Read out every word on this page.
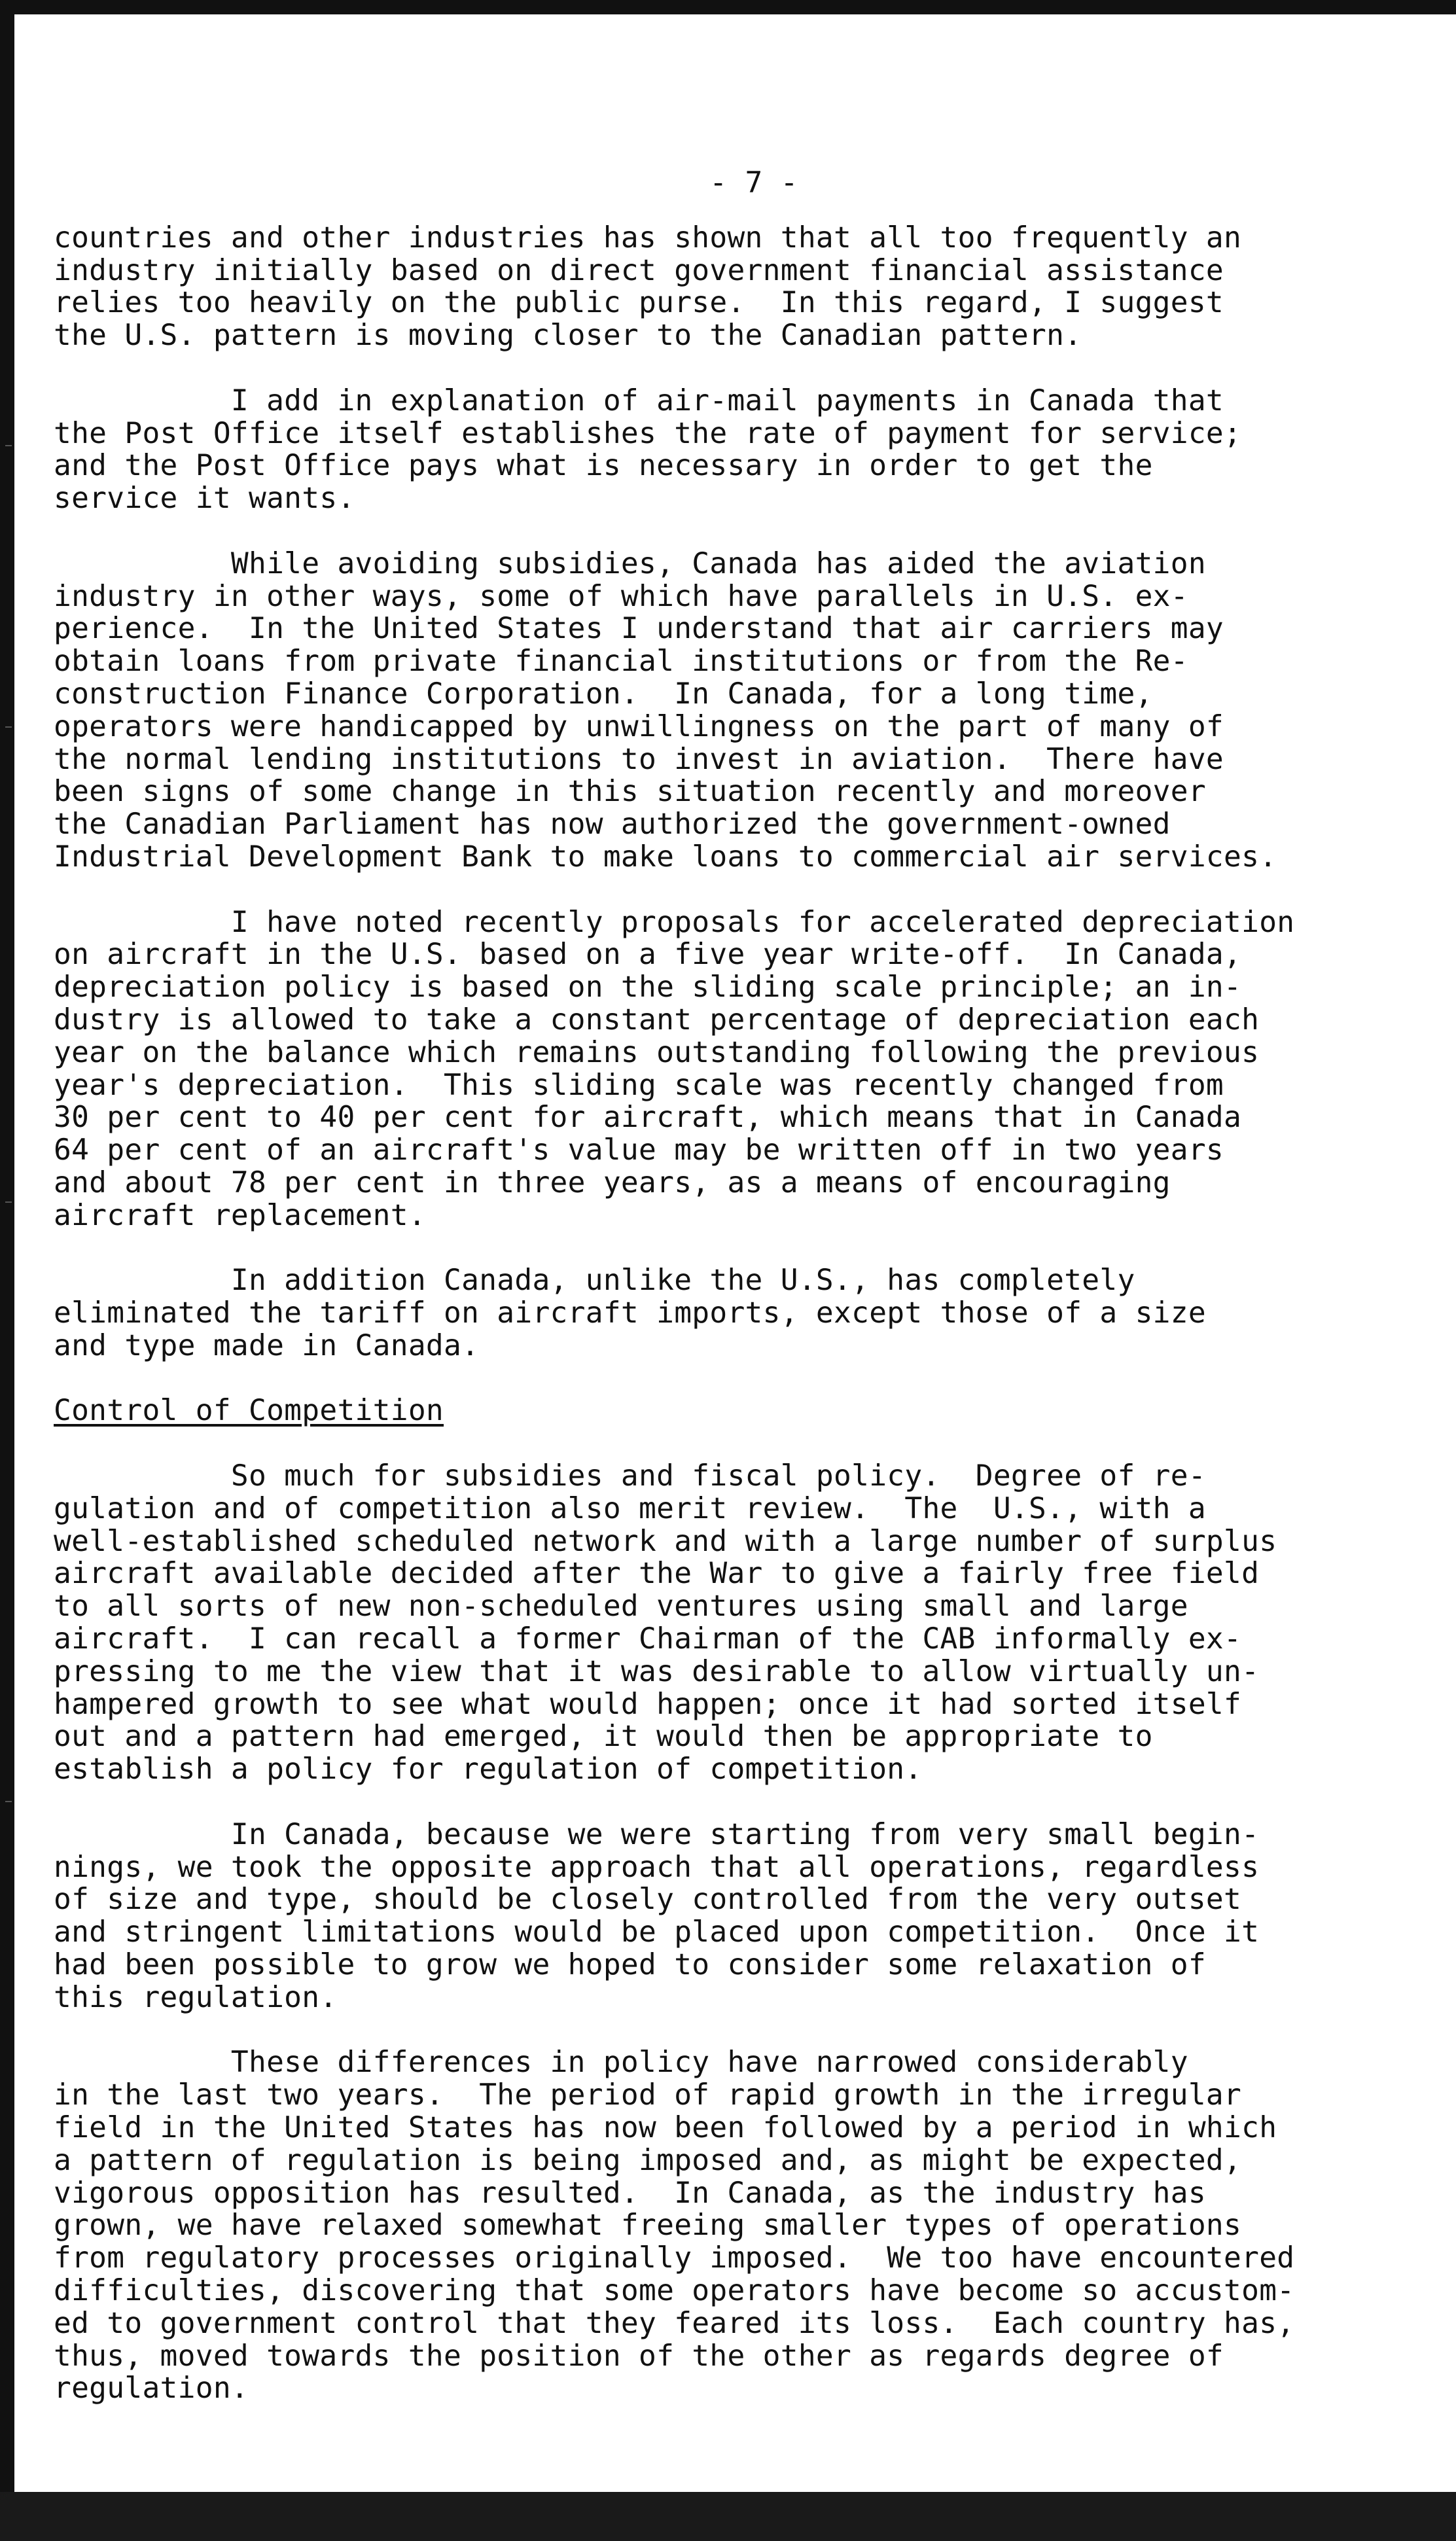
- 7 -
countries and other industries has shown that all too frequently an
industry initially based on direct government financial assistance
relies too heavily on the public purse.  In this regard, I suggest
the U.S. pattern is moving closer to the Canadian pattern.
I add in explanation of air-mail payments in Canada that
the Post Office itself establishes the rate of payment for service;
and the Post Office pays what is necessary in order to get the
service it wants.
While avoiding subsidies, Canada has aided the aviation
industry in other ways, some of which have parallels in U.S. ex-
perience.  In the United States I understand that air carriers may
obtain loans from private financial institutions or from the Re-
construction Finance Corporation.  In Canada, for a long time,
operators were handicapped by unwillingness on the part of many of
the normal lending institutions to invest in aviation.  There have
been signs of some change in this situation recently and moreover
the Canadian Parliament has now authorized the government-owned
Industrial Development Bank to make loans to commercial air services.
I have noted recently proposals for accelerated depreciation
on aircraft in the U.S. based on a five year write-off.  In Canada,
depreciation policy is based on the sliding scale principle; an in-
dustry is allowed to take a constant percentage of depreciation each
year on the balance which remains outstanding following the previous
year's depreciation.  This sliding scale was recently changed from
30 per cent to 40 per cent for aircraft, which means that in Canada
64 per cent of an aircraft's value may be written off in two years
and about 78 per cent in three years, as a means of encouraging
aircraft replacement.
In addition Canada, unlike the U.S., has completely
eliminated the tariff on aircraft imports, except those of a size
and type made in Canada.
Control of Competition
So much for subsidies and fiscal policy.  Degree of re-
gulation and of competition also merit review.  The  U.S., with a
well-established scheduled network and with a large number of surplus
aircraft available decided after the War to give a fairly free field
to all sorts of new non-scheduled ventures using small and large
aircraft.  I can recall a former Chairman of the CAB informally ex-
pressing to me the view that it was desirable to allow virtually un-
hampered growth to see what would happen; once it had sorted itself
out and a pattern had emerged, it would then be appropriate to
establish a policy for regulation of competition.
In Canada, because we were starting from very small begin-
nings, we took the opposite approach that all operations, regardless
of size and type, should be closely controlled from the very outset
and stringent limitations would be placed upon competition.  Once it
had been possible to grow we hoped to consider some relaxation of
this regulation.
These differences in policy have narrowed considerably
in the last two years.  The period of rapid growth in the irregular
field in the United States has now been followed by a period in which
a pattern of regulation is being imposed and, as might be expected,
vigorous opposition has resulted.  In Canada, as the industry has
grown, we have relaxed somewhat freeing smaller types of operations
from regulatory processes originally imposed.  We too have encountered
difficulties, discovering that some operators have become so accustom-
ed to government control that they feared its loss.  Each country has,
thus, moved towards the position of the other as regards degree of
regulation.
